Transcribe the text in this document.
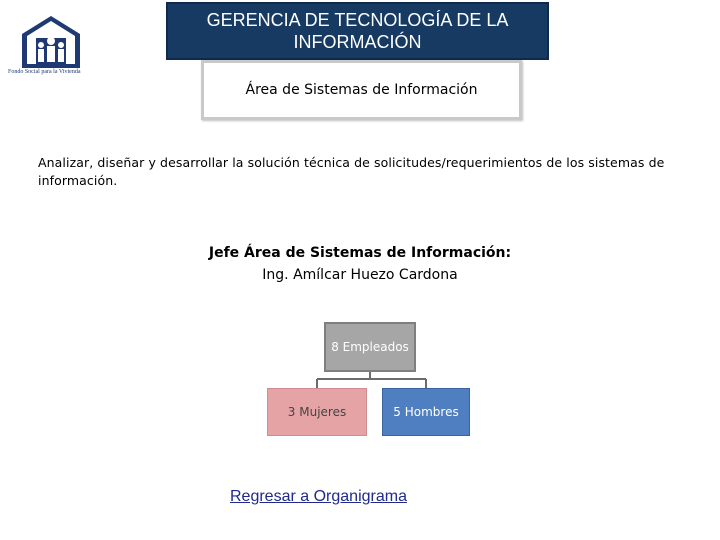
Fondo Social para la Vivienda
GERENCIA DE TECNOLOGÍA DE LA INFORMACIÓN
Área de Sistemas de Información
Analizar, diseñar y desarrollar la solución técnica de solicitudes/requerimientos de los sistemas de información.
Jefe Área de Sistemas de Información:
Ing. Amílcar Huezo Cardona
8 Empleados
3 Mujeres	5 Hombres
Regresar a Organigrama
